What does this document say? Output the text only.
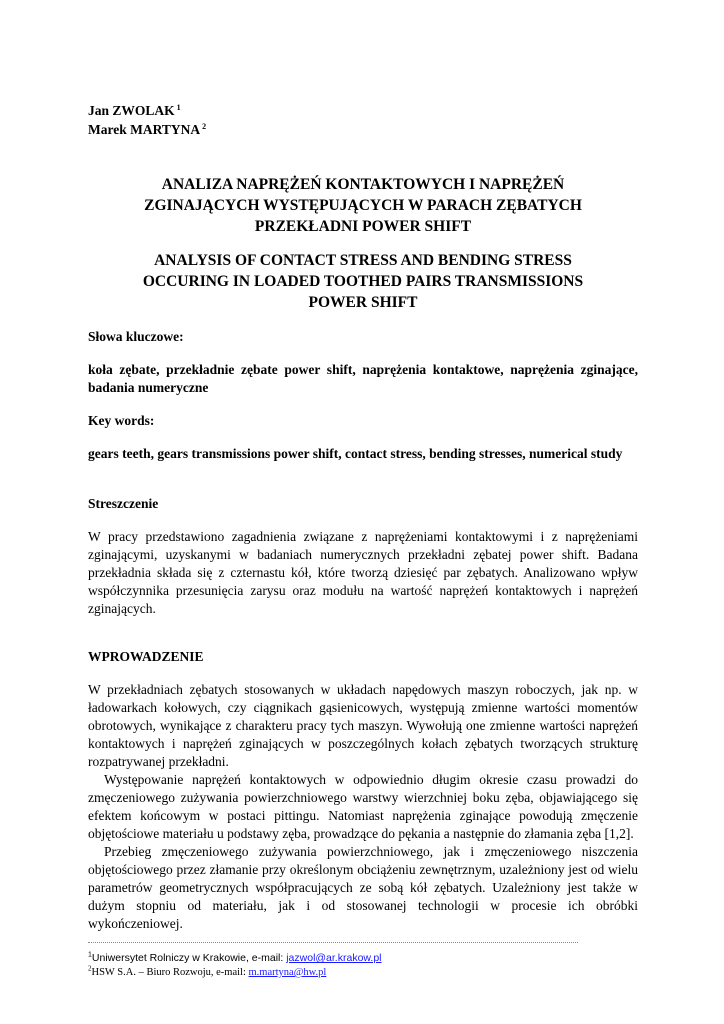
Jan ZWOLAK $^1$
Marek MARTYNA $^2$
ANALIZA NAPRĘŻEŃ KONTAKTOWYCH I NAPRĘŻEŃ
ZGINAJĄCYCH WYSTĘPUJĄCYCH W PARACH ZĘBATYCH
PRZEKŁADNI POWER SHIFT
ANALYSIS OF CONTACT STRESS AND BENDING STRESS
OCCURING IN LOADED TOOTHED PAIRS TRANSMISSIONS
POWER SHIFT
Słowa kluczowe:
koła zębate, przekładnie zębate power shift, naprężenia kontaktowe, naprężenia zginające, badania numeryczne
Key words:
gears teeth, gears transmissions power shift, contact stress, bending stresses, numerical study
Streszczenie

W pracy przedstawiono zagadnienia związane z naprężeniami kontaktowymi i z naprężeniami zginającymi, uzyskanymi w badaniach numerycznych przekładni zębatej power shift. Badana przekładnia składa się z czternastu kół, które tworzą dziesięć par zębatych. Analizowano wpływ współczynnika przesunięcia zarysu oraz modułu na wartość naprężeń kontaktowych i naprężeń zginających.

WPROWADZENIE

W przekładniach zębatych stosowanych w układach napędowych maszyn roboczych, jak np. w ładowarkach kołowych, czy ciągnikach gąsienicowych, występują zmienne wartości momentów obrotowych, wynikające z charakteru pracy tych maszyn. Wywołują one zmienne wartości naprężeń kontaktowych i naprężeń zginających w poszczególnych kołach zębatych tworzących strukturę rozpatrywanej przekładni.

Występowanie naprężeń kontaktowych w odpowiednio długim okresie czasu prowadzi do zmęczeniowego zużywania powierzchniowego warstwy wierzchniej boku zęba, objawiającego się efektem końcowym w postaci pittingu. Natomiast naprężenia zginające powodują zmęczenie objętościowe materiału u podstawy zęba, prowadzące do pękania a następnie do złamania zęba [1,2].

Przebieg zmęczeniowego zużywania powierzchniowego, jak i zmęczeniowego niszczenia objętościowego przez złamanie przy określonym obciążeniu zewnętrznym, uzależniony jest od wielu parametrów geometrycznych współpracujących ze sobą kół zębatych. Uzależniony jest także w dużym stopniu od materiału, jak i od stosowanej technologii w procesie ich obróbki wykończeniowej.

$^1$Uniwersytet Rolniczy w Krakowie, e-mail: jazwol@ar.krakow.pl
$^2$HSW S.A. – Biuro Rozwoju, e-mail: m.martyna@hw.pl
